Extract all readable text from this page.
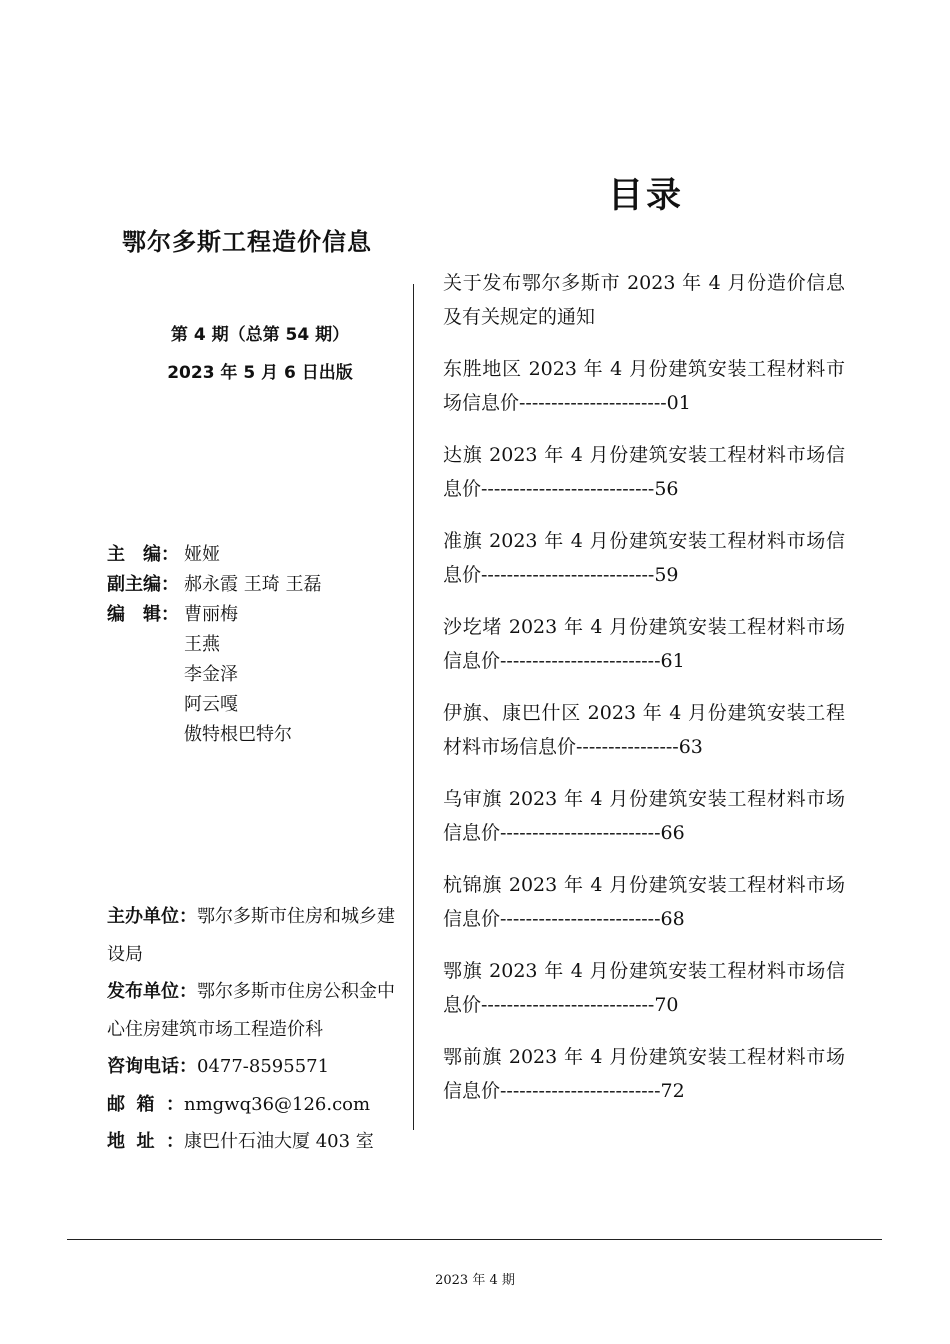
鄂尔多斯工程造价信息
第 4 期（总第 54 期）
2023 年 5 月 6 日出版
主　编： 娅娅
副主编： 郝永霞 王琦 王磊
编　辑： 曹丽梅
王燕
李金泽
阿云嘎
傲特根巴特尔
主办单位：鄂尔多斯市住房和城乡建设局
发布单位：鄂尔多斯市住房公积金中心住房建筑市场工程造价科
咨询电话：0477-8595571
邮箱：nmgwq36@126.com
地址：康巴什石油大厦 403 室
目录
关于发布鄂尔多斯市 2023 年 4 月份造价信息及有关规定的通知
东胜地区 2023 年 4 月份建筑安装工程材料市场信息价-----------------------01
达旗 2023 年 4 月份建筑安装工程材料市场信息价---------------------------56
准旗 2023 年 4 月份建筑安装工程材料市场信息价---------------------------59
沙圪堵 2023 年 4 月份建筑安装工程材料市场信息价-------------------------61
伊旗、康巴什区 2023 年 4 月份建筑安装工程材料市场信息价----------------63
乌审旗 2023 年 4 月份建筑安装工程材料市场信息价-------------------------66
杭锦旗 2023 年 4 月份建筑安装工程材料市场信息价-------------------------68
鄂旗 2023 年 4 月份建筑安装工程材料市场信息价---------------------------70
鄂前旗 2023 年 4 月份建筑安装工程材料市场信息价-------------------------72
2023 年 4 期
